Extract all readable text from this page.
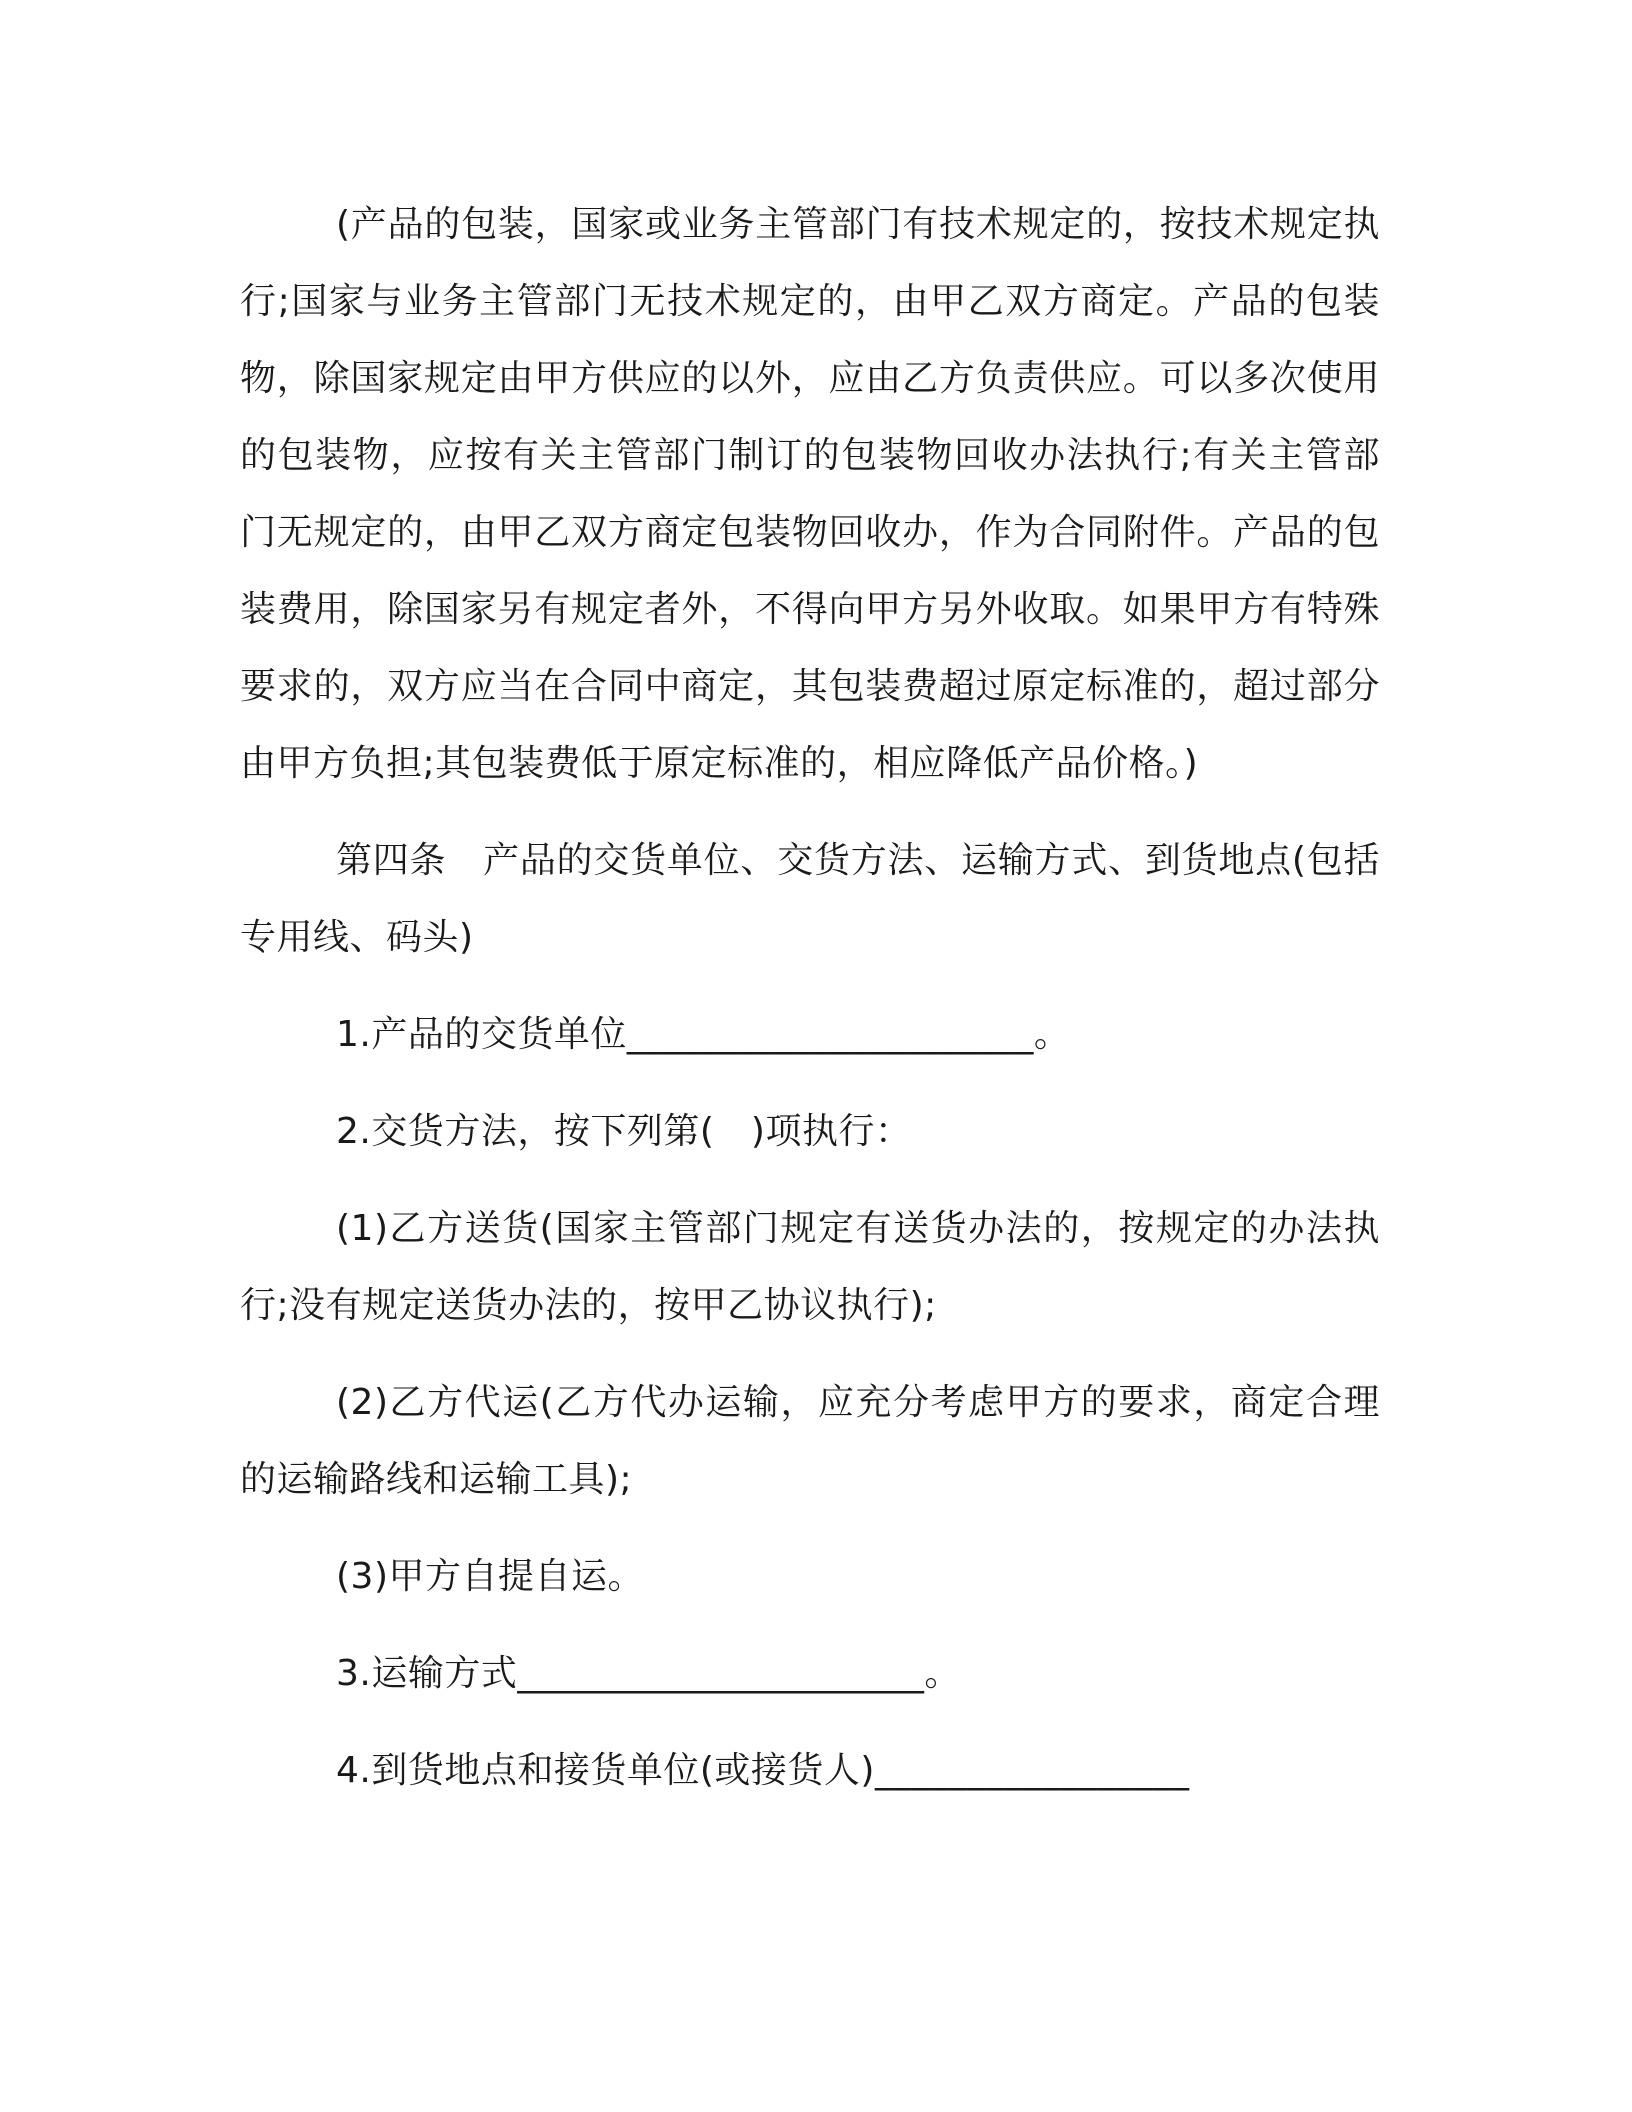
(产品的包装，国家或业务主管部门有技术规定的，按技术规定执行;国家与业务主管部门无技术规定的，由甲乙双方商定。产品的包装物，除国家规定由甲方供应的以外，应由乙方负责供应。可以多次使用的包装物，应按有关主管部门制订的包装物回收办法执行;有关主管部门无规定的，由甲乙双方商定包装物回收办，作为合同附件。产品的包装费用，除国家另有规定者外，不得向甲方另外收取。如果甲方有特殊要求的，双方应当在合同中商定，其包装费超过原定标准的，超过部分由甲方负担;其包装费低于原定标准的，相应降低产品价格。)

第四条　产品的交货单位、交货方法、运输方式、到货地点(包括专用线、码头)

1.产品的交货单位______________________。

2.交货方法，按下列第(　)项执行：

(1)乙方送货(国家主管部门规定有送货办法的，按规定的办法执行;没有规定送货办法的，按甲乙协议执行);

(2)乙方代运(乙方代办运输，应充分考虑甲方的要求，商定合理的运输路线和运输工具);

(3)甲方自提自运。

3.运输方式______________________。

4.到货地点和接货单位(或接货人)_________________
